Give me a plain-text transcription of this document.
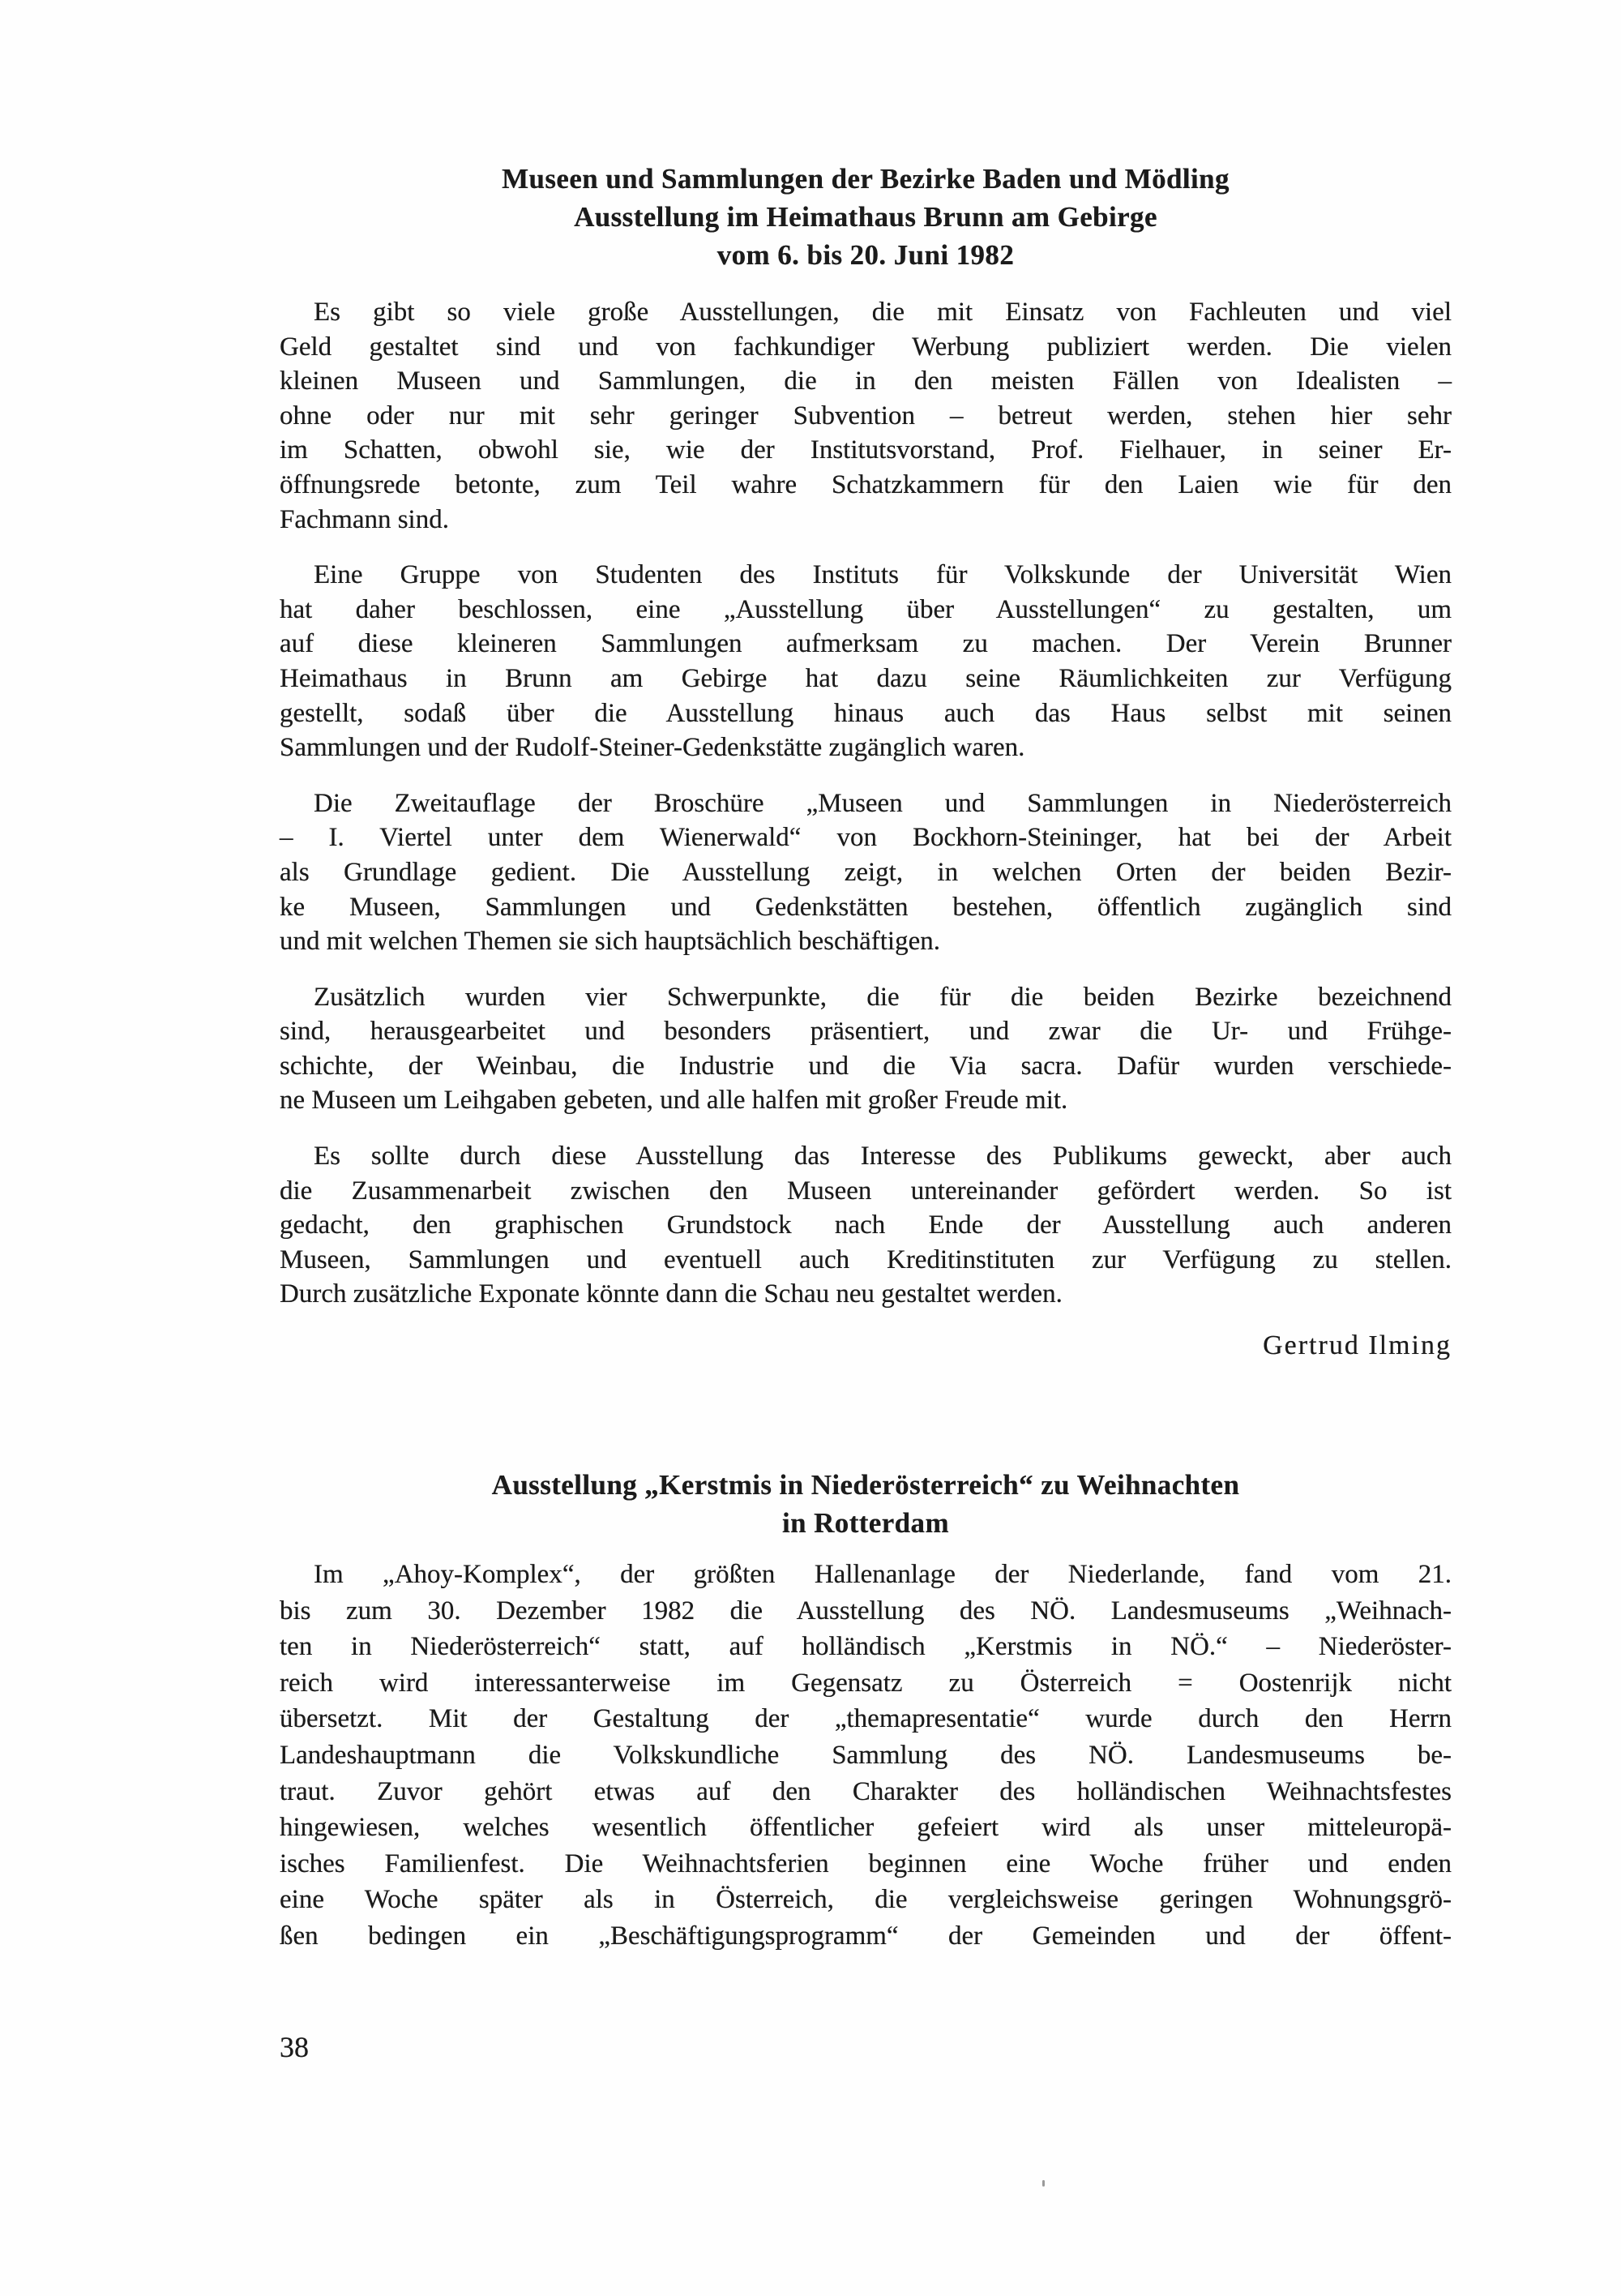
Museen und Sammlungen der Bezirke Baden und Mödling
Ausstellung im Heimathaus Brunn am Gebirge
vom 6. bis 20. Juni 1982
Es gibt so viele große Ausstellungen, die mit Einsatz von Fachleuten und viel
Geld gestaltet sind und von fachkundiger Werbung publiziert werden. Die vielen
kleinen Museen und Sammlungen, die in den meisten Fällen von Idealisten –
ohne oder nur mit sehr geringer Subvention – betreut werden, stehen hier sehr
im Schatten, obwohl sie, wie der Institutsvorstand, Prof. Fielhauer, in seiner Er-
öffnungsrede betonte, zum Teil wahre Schatzkammern für den Laien wie für den
Fachmann sind.
Eine Gruppe von Studenten des Instituts für Volkskunde der Universität Wien
hat daher beschlossen, eine „Ausstellung über Ausstellungen“ zu gestalten, um
auf diese kleineren Sammlungen aufmerksam zu machen. Der Verein Brunner
Heimathaus in Brunn am Gebirge hat dazu seine Räumlichkeiten zur Verfügung
gestellt, sodaß über die Ausstellung hinaus auch das Haus selbst mit seinen
Sammlungen und der Rudolf-Steiner-Gedenkstätte zugänglich waren.
Die Zweitauflage der Broschüre „Museen und Sammlungen in Niederösterreich
– I. Viertel unter dem Wienerwald“ von Bockhorn-Steininger, hat bei der Arbeit
als Grundlage gedient. Die Ausstellung zeigt, in welchen Orten der beiden Bezir-
ke Museen, Sammlungen und Gedenkstätten bestehen, öffentlich zugänglich sind
und mit welchen Themen sie sich hauptsächlich beschäftigen.
Zusätzlich wurden vier Schwerpunkte, die für die beiden Bezirke bezeichnend
sind, herausgearbeitet und besonders präsentiert, und zwar die Ur- und Frühge-
schichte, der Weinbau, die Industrie und die Via sacra. Dafür wurden verschiede-
ne Museen um Leihgaben gebeten, und alle halfen mit großer Freude mit.
Es sollte durch diese Ausstellung das Interesse des Publikums geweckt, aber auch
die Zusammenarbeit zwischen den Museen untereinander gefördert werden. So ist
gedacht, den graphischen Grundstock nach Ende der Ausstellung auch anderen
Museen, Sammlungen und eventuell auch Kreditinstituten zur Verfügung zu stellen.
Durch zusätzliche Exponate könnte dann die Schau neu gestaltet werden.
Gertrud Ilming
Ausstellung „Kerstmis in Niederösterreich“ zu Weihnachten
in Rotterdam
Im „Ahoy-Komplex“, der größten Hallenanlage der Niederlande, fand vom 21.
bis zum 30. Dezember 1982 die Ausstellung des NÖ. Landesmuseums „Weihnach-
ten in Niederösterreich“ statt, auf holländisch „Kerstmis in NÖ.“ – Niederöster-
reich wird interessanterweise im Gegensatz zu Österreich = Oostenrijk nicht
übersetzt. Mit der Gestaltung der „themapresentatie“ wurde durch den Herrn
Landeshauptmann die Volkskundliche Sammlung des NÖ. Landesmuseums be-
traut. Zuvor gehört etwas auf den Charakter des holländischen Weihnachtsfestes
hingewiesen, welches wesentlich öffentlicher gefeiert wird als unser mitteleuropä-
isches Familienfest. Die Weihnachtsferien beginnen eine Woche früher und enden
eine Woche später als in Österreich, die vergleichsweise geringen Wohnungsgrö-
ßen bedingen ein „Beschäftigungsprogramm“ der Gemeinden und der öffent-
38
